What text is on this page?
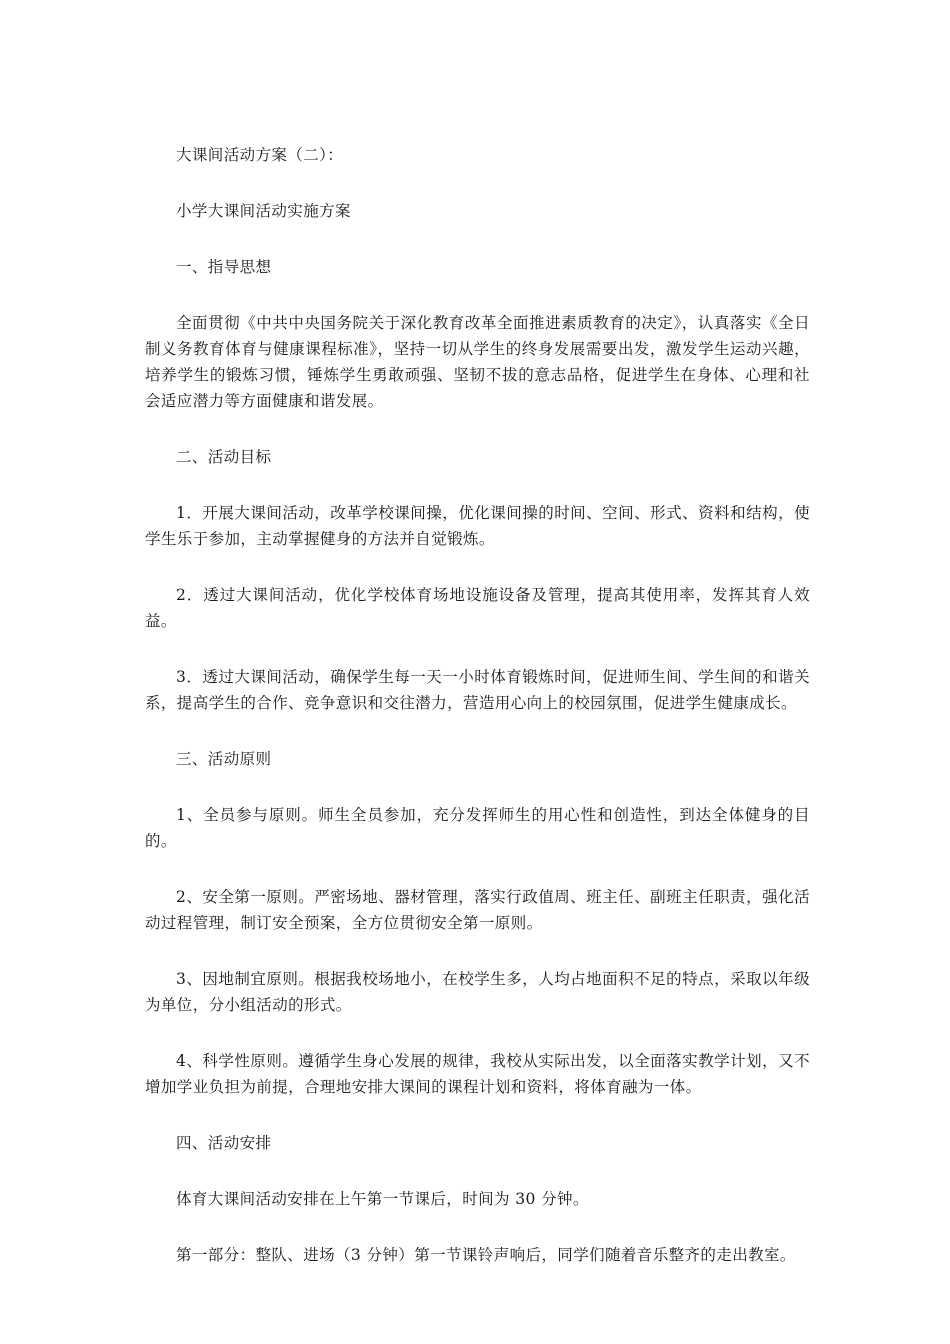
大课间活动方案（二）：

小学大课间活动实施方案

一、指导思想

全面贯彻《中共中央国务院关于深化教育改革全面推进素质教育的决定》，认真落实《全日制义务教育体育与健康课程标准》，坚持一切从学生的终身发展需要出发，激发学生运动兴趣，培养学生的锻炼习惯，锤炼学生勇敢顽强、坚韧不拔的意志品格，促进学生在身体、心理和社会适应潜力等方面健康和谐发展。

二、活动目标

1．开展大课间活动，改革学校课间操，优化课间操的时间、空间、形式、资料和结构，使学生乐于参加，主动掌握健身的方法并自觉锻炼。

2．透过大课间活动，优化学校体育场地设施设备及管理，提高其使用率，发挥其育人效益。

3．透过大课间活动，确保学生每一天一小时体育锻炼时间，促进师生间、学生间的和谐关系，提高学生的合作、竞争意识和交往潜力，营造用心向上的校园氛围，促进学生健康成长。

三、活动原则

1、全员参与原则。师生全员参加，充分发挥师生的用心性和创造性，到达全体健身的目的。

2、安全第一原则。严密场地、器材管理，落实行政值周、班主任、副班主任职责，强化活动过程管理，制订安全预案，全方位贯彻安全第一原则。

3、因地制宜原则。根据我校场地小，在校学生多，人均占地面积不足的特点，采取以年级为单位，分小组活动的形式。

4、科学性原则。遵循学生身心发展的规律，我校从实际出发，以全面落实教学计划，又不增加学业负担为前提，合理地安排大课间的课程计划和资料，将体育融为一体。

四、活动安排

体育大课间活动安排在上午第一节课后，时间为 30 分钟。

第一部分：整队、进场（3 分钟）第一节课铃声响后，同学们随着音乐整齐的走出教室。
